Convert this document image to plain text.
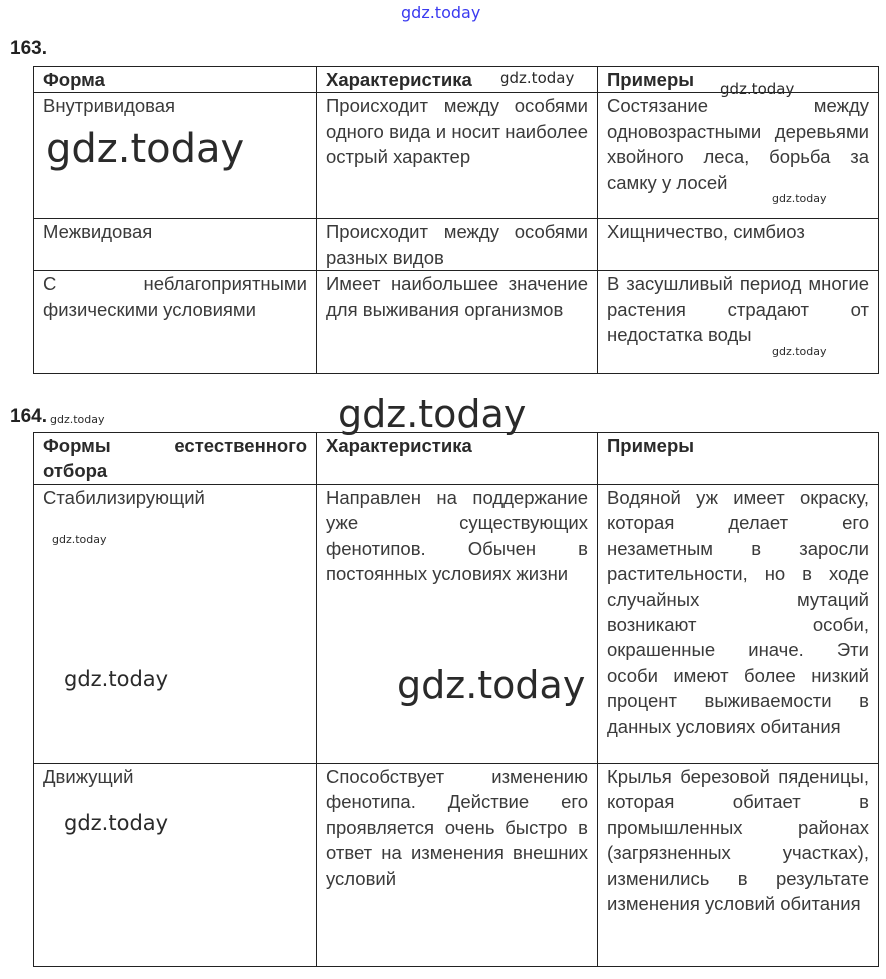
gdz.today
163.
Форма	Характеристика	Примеры
Внутривидовая	Происходит между особями одного вида и носит наиболее острый характер	Состязание между одновозрастными деревьями хвойного леса, борьба за самку у лосей
Межвидовая	Происходит между особями разных видов	Хищничество, симбиоз
С неблагоприятными физическими условиями	Имеет наибольшее значение для выживания организмов	В засушливый период многие растения страдают от недостатка воды
164.
Формы естественного отбора	Характеристика	Примеры
Стабилизирующий	Направлен на поддержание уже существующих фенотипов. Обычен в постоянных условиях жизни	Водяной уж имеет окраску, которая делает его незаметным в заросли растительности, но в ходе случайных мутаций возникают особи, окрашенные иначе. Эти особи имеют более низкий процент выживаемости в данных условиях обитания
Движущий	Способствует изменению фенотипа. Действие его проявляется очень быстро в ответ на изменения внешних условий	Крылья березовой пяденицы, которая обитает в промышленных районах (загрязненных участках), изменились в результате изменения условий обитания
gdz.today
gdz.today
gdz.today
gdz.today
gdz.today
gdz.today	gdz.today
gdz.today
gdz.today	gdz.today
gdz.today
